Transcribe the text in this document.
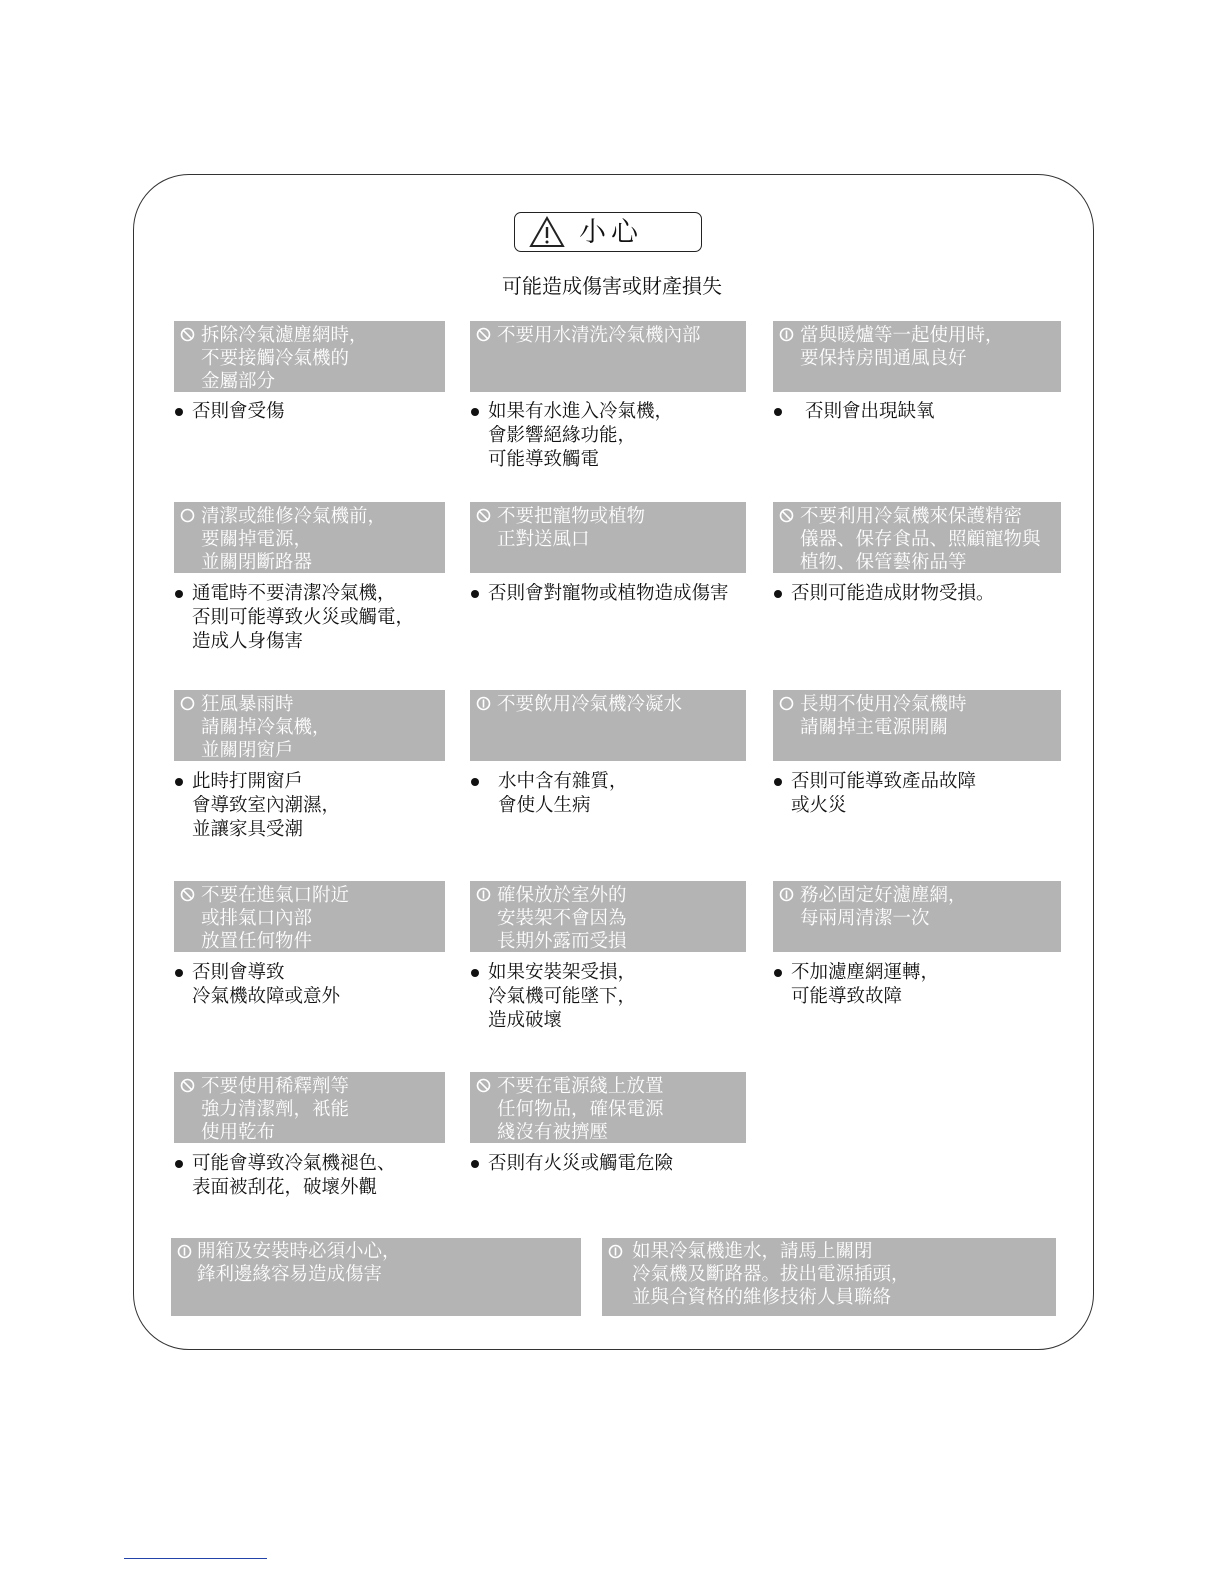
小心
可能造成傷害或財產損失
拆除冷氣濾塵網時，
不要接觸冷氣機的
金屬部分
否則會受傷
不要用水清洗冷氣機內部
如果有水進入冷氣機，
會影響絕緣功能，
可能導致觸電
當與暖爐等一起使用時，
要保持房間通風良好
否則會出現缺氧
清潔或維修冷氣機前，
要關掉電源，
並關閉斷路器
通電時不要清潔冷氣機，
否則可能導致火災或觸電，
造成人身傷害
不要把寵物或植物
正對送風口
否則會對寵物或植物造成傷害
不要利用冷氣機來保護精密
儀器、保存食品、照顧寵物與
植物、保管藝術品等
否則可能造成財物受損。
狂風暴雨時
請關掉冷氣機，
並關閉窗戶
此時打開窗戶
會導致室內潮濕，
並讓家具受潮
不要飲用冷氣機冷凝水
水中含有雜質，
會使人生病
長期不使用冷氣機時
請關掉主電源開關
否則可能導致產品故障
或火災
不要在進氣口附近
或排氣口內部
放置任何物件
否則會導致
冷氣機故障或意外
確保放於室外的
安裝架不會因為
長期外露而受損
如果安裝架受損，
冷氣機可能墜下，
造成破壞
務必固定好濾塵網，
每兩周清潔一次
不加濾塵網運轉，
可能導致故障
不要使用稀釋劑等
強力清潔劑，衹能
使用乾布
可能會導致冷氣機褪色、
表面被刮花，破壞外觀
不要在電源綫上放置
任何物品，確保電源
綫沒有被擠壓
否則有火災或觸電危險
開箱及安裝時必須小心，
鋒利邊緣容易造成傷害
如果冷氣機進水，請馬上關閉
冷氣機及斷路器。拔出電源插頭，
並與合資格的維修技術人員聯絡
